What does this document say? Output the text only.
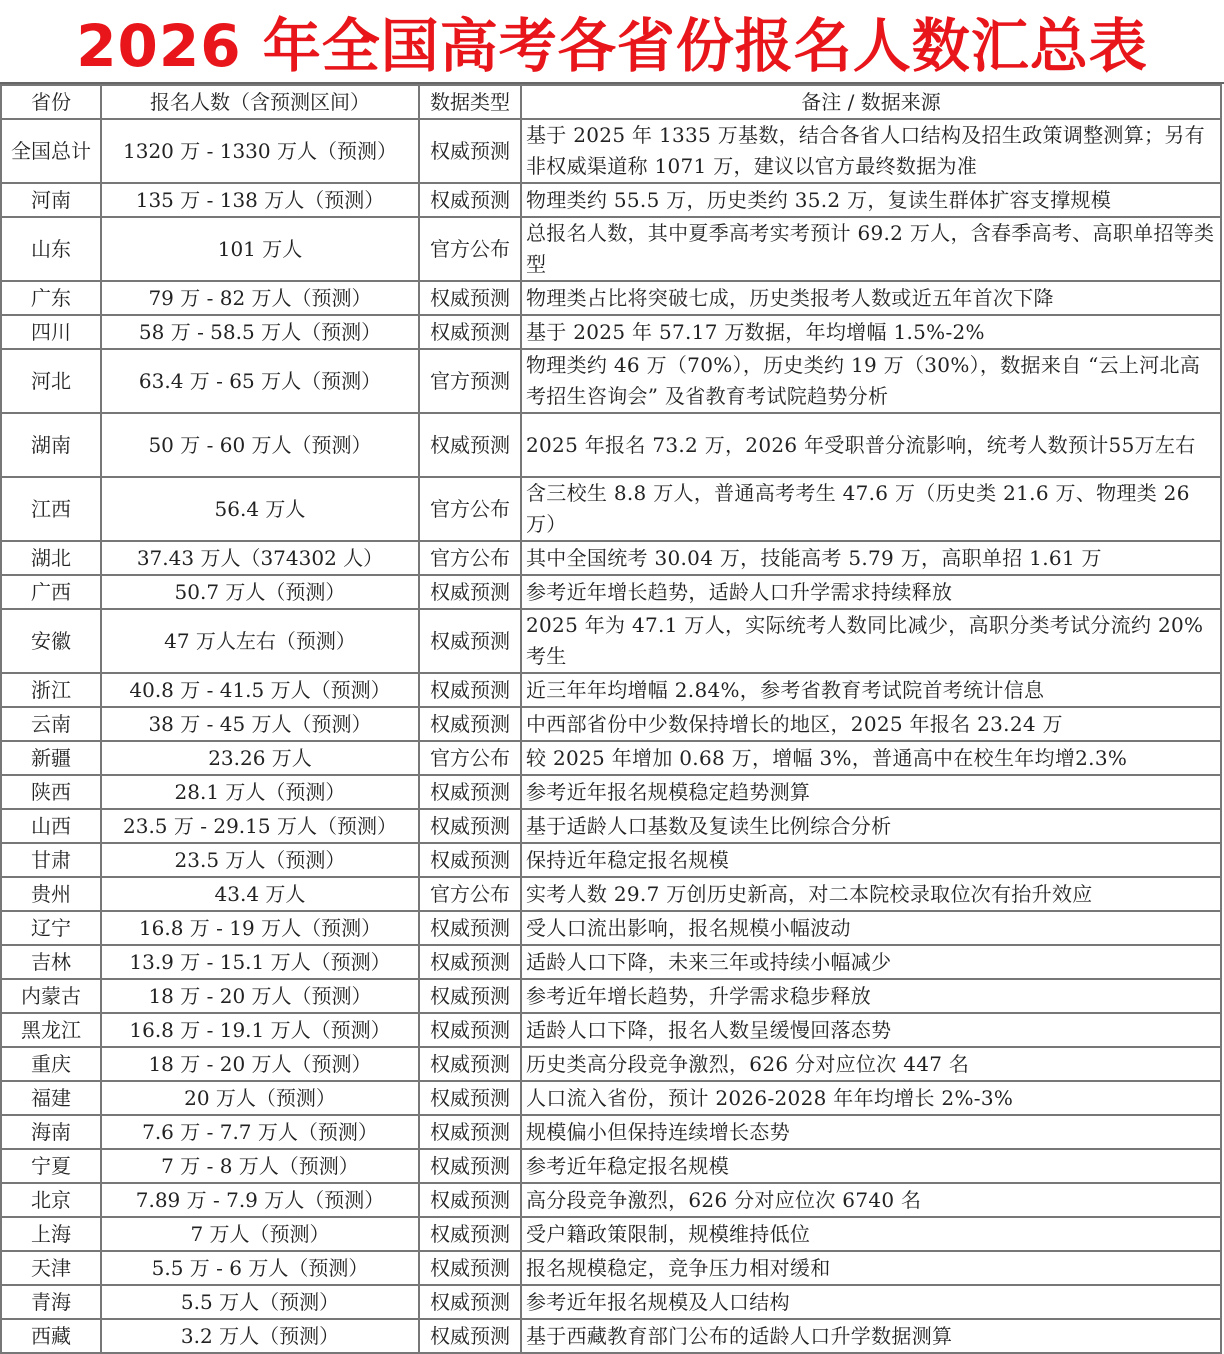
2026 年全国高考各省份报名人数汇总表
省份	报名人数（含预测区间）	数据类型	备注 / 数据来源
全国总计	1320 万 - 1330 万人（预测）	权威预测	基于 2025 年 1335 万基数，结合各省人口结构及招生政策调整测算；另有非权威渠道称 1071 万，建议以官方最终数据为准
河南	135 万 - 138 万人（预测）	权威预测	物理类约 55.5 万，历史类约 35.2 万，复读生群体扩容支撑规模
山东	101 万人	官方公布	总报名人数，其中夏季高考实考预计 69.2 万人，含春季高考、高职单招等类型
广东	79 万 - 82 万人（预测）	权威预测	物理类占比将突破七成，历史类报考人数或近五年首次下降
四川	58 万 - 58.5 万人（预测）	权威预测	基于 2025 年 57.17 万数据，年均增幅 1.5%-2%
河北	63.4 万 - 65 万人（预测）	官方预测	物理类约 46 万（70%），历史类约 19 万（30%），数据来自 “云上河北高考招生咨询会” 及省教育考试院趋势分析
湖南	50 万 - 60 万人（预测）	权威预测	2025 年报名 73.2 万，2026 年受职普分流影响，统考人数预计55万左右
江西	56.4 万人	官方公布	含三校生 8.8 万人，普通高考考生 47.6 万（历史类 21.6 万、物理类 26 万）
湖北	37.43 万人（374302 人）	官方公布	其中全国统考 30.04 万，技能高考 5.79 万，高职单招 1.61 万
广西	50.7 万人（预测）	权威预测	参考近年增长趋势，适龄人口升学需求持续释放
安徽	47 万人左右（预测）	权威预测	2025 年为 47.1 万人，实际统考人数同比减少，高职分类考试分流约 20% 考生
浙江	40.8 万 - 41.5 万人（预测）	权威预测	近三年年均增幅 2.84%，参考省教育考试院首考统计信息
云南	38 万 - 45 万人（预测）	权威预测	中西部省份中少数保持增长的地区，2025 年报名 23.24 万
新疆	23.26 万人	官方公布	较 2025 年增加 0.68 万，增幅 3%，普通高中在校生年均增2.3%
陕西	28.1 万人（预测）	权威预测	参考近年报名规模稳定趋势测算
山西	23.5 万 - 29.15 万人（预测）	权威预测	基于适龄人口基数及复读生比例综合分析
甘肃	23.5 万人（预测）	权威预测	保持近年稳定报名规模
贵州	43.4 万人	官方公布	实考人数 29.7 万创历史新高，对二本院校录取位次有抬升效应
辽宁	16.8 万 - 19 万人（预测）	权威预测	受人口流出影响，报名规模小幅波动
吉林	13.9 万 - 15.1 万人（预测）	权威预测	适龄人口下降，未来三年或持续小幅减少
内蒙古	18 万 - 20 万人（预测）	权威预测	参考近年增长趋势，升学需求稳步释放
黑龙江	16.8 万 - 19.1 万人（预测）	权威预测	适龄人口下降，报名人数呈缓慢回落态势
重庆	18 万 - 20 万人（预测）	权威预测	历史类高分段竞争激烈，626 分对应位次 447 名
福建	20 万人（预测）	权威预测	人口流入省份，预计 2026-2028 年年均增长 2%-3%
海南	7.6 万 - 7.7 万人（预测）	权威预测	规模偏小但保持连续增长态势
宁夏	7 万 - 8 万人（预测）	权威预测	参考近年稳定报名规模
北京	7.89 万 - 7.9 万人（预测）	权威预测	高分段竞争激烈，626 分对应位次 6740 名
上海	7 万人（预测）	权威预测	受户籍政策限制，规模维持低位
天津	5.5 万 - 6 万人（预测）	权威预测	报名规模稳定，竞争压力相对缓和
青海	5.5 万人（预测）	权威预测	参考近年报名规模及人口结构
西藏	3.2 万人（预测）	权威预测	基于西藏教育部门公布的适龄人口升学数据测算
